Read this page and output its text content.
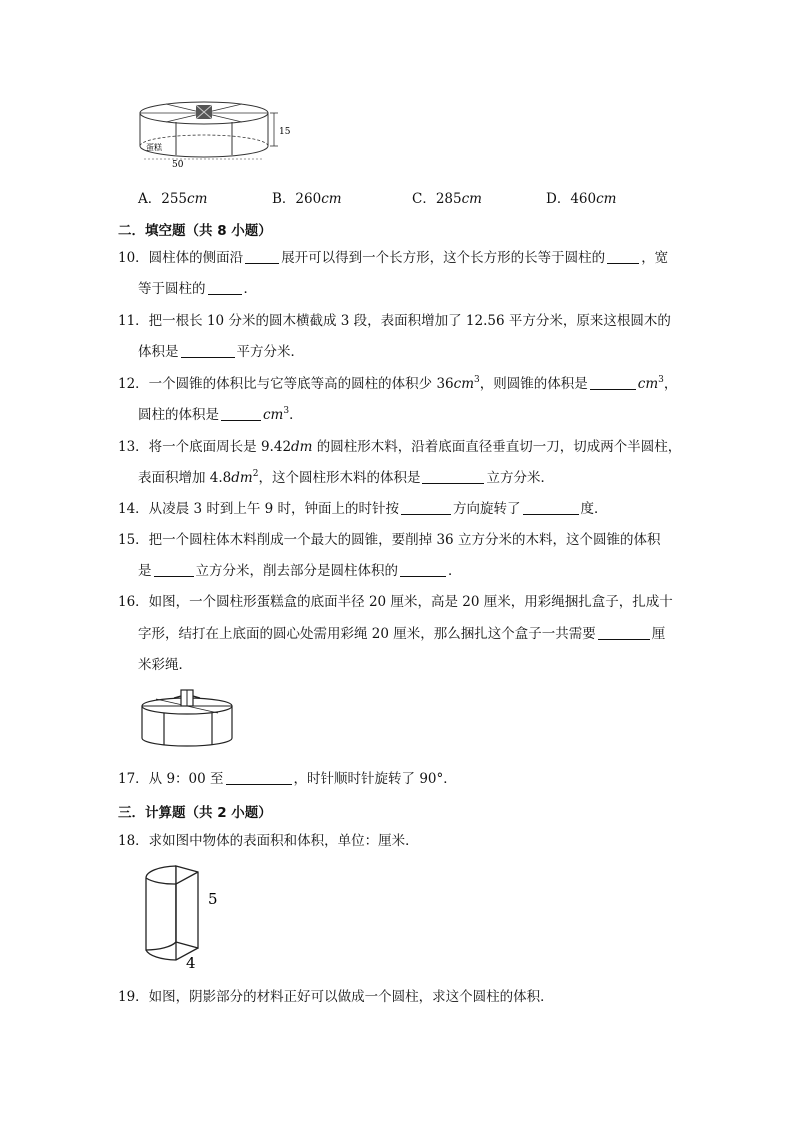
15
50
蛋糕
A．255cm	B．260cm	C．285cm	D．460cm
二．填空题（共 8 小题）
10．圆柱体的侧面沿	展开可以得到一个长方形，这个长方形的长等于圆柱的	，宽
等于圆柱的	．
11．把一根长 10 分米的圆木横截成 3 段，表面积增加了 12.56 平方分米，原来这根圆木的
体积是	平方分米．
12．一个圆锥的体积比与它等底等高的圆柱的体积少 $36cm^3$，则圆锥的体积是	$cm^3$，
圆柱的体积是	$cm^3$．
13．将一个底面周长是 9.42dm 的圆柱形木料，沿着底面直径垂直切一刀，切成两个半圆柱，
表面积增加 $4.8dm^2$，这个圆柱形木料的体积是	立方分米．
14．从凌晨 3 时到上午 9 时，钟面上的时针按	方向旋转了	度．
15．把一个圆柱体木料削成一个最大的圆锥，要削掉 36 立方分米的木料，这个圆锥的体积
是	立方分米，削去部分是圆柱体积的	．
16．如图，一个圆柱形蛋糕盒的底面半径 20 厘米，高是 20 厘米，用彩绳捆扎盒子，扎成十
字形，结打在上底面的圆心处需用彩绳 20 厘米，那么捆扎这个盒子一共需要	厘
米彩绳．
17．从 9：00 至	，时针顺时针旋转了 90°．
三．计算题（共 2 小题）
18．求如图中物体的表面积和体积，单位：厘米．
5
4
19．如图，阴影部分的材料正好可以做成一个圆柱，求这个圆柱的体积．
